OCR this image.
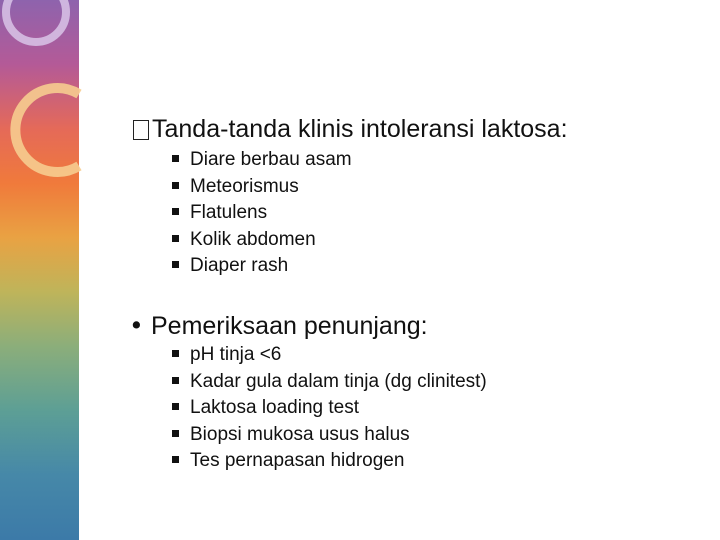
Tanda-tanda klinis intoleransi laktosa:
Diare berbau asam
Meteorismus
Flatulens
Kolik abdomen
Diaper rash
• Pemeriksaan penunjang:
pH tinja <6
Kadar gula dalam tinja (dg clinitest)
Laktosa loading test
Biopsi mukosa usus halus
Tes pernapasan hidrogen
